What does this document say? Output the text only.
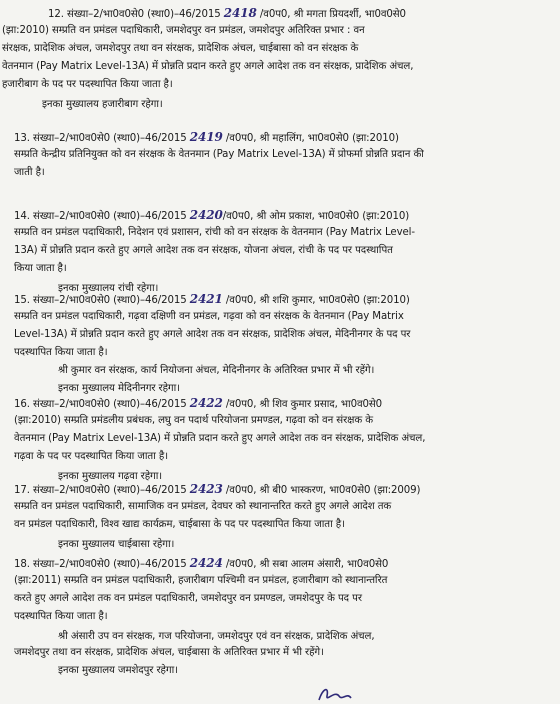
12. संख्या–2/भा0व0से0 (स्था0)–46/2015 2418 /व0प0, श्री मगता प्रियदर्शी, भा0व0से0
(झा:2010) सम्प्रति वन प्रमंडल पदाधिकारी, जमशेदपुर वन प्रमंडल, जमशेदपुर अतिरिक्त प्रभार : वन
संरक्षक, प्रादेशिक अंचल, जमशेदपुर तथा वन संरक्षक, प्रादेशिक अंचल, चाईबासा को वन संरक्षक के
वेतनमान (Pay Matrix Level-13A) में प्रोन्नति प्रदान करते हुए अगले आदेश तक वन संरक्षक, प्रादेशिक अंचल,
हजारीबाग के पद पर पदस्थापित किया जाता है।
इनका मुख्यालय हजारीबाग रहेगा।
13. संख्या–2/भा0व0से0 (स्था0)–46/2015 2419 /व0प0, श्री महालिंग, भा0व0से0 (झा:2010)
सम्प्रति केन्द्रीय प्रतिनियुक्त को वन संरक्षक के वेतनमान (Pay Matrix Level-13A) में प्रोफर्मा प्रोन्नति प्रदान की
जाती है।
14. संख्या–2/भा0व0से0 (स्था0)–46/2015 2420/व0प0, श्री ओम प्रकाश, भा0व0से0 (झा:2010)
सम्प्रति वन प्रमंडल पदाधिकारी, निदेशन एवं प्रशासन, रांची को वन संरक्षक के वेतनमान (Pay Matrix Level-
13A) में प्रोन्नति प्रदान करते हुए अगले आदेश तक वन संरक्षक, योजना अंचल, रांची के पद पर पदस्थापित
किया जाता है।
इनका मुख्यालय रांची रहेगा।
15. संख्या–2/भा0व0से0 (स्था0)–46/2015 2421 /व0प0, श्री शशि कुमार, भा0व0से0 (झा:2010)
सम्प्रति वन प्रमंडल पदाधिकारी, गढ़वा दक्षिणी वन प्रमंडल, गढ़वा को वन संरक्षक के वेतनमान (Pay Matrix
Level-13A) में प्रोन्नति प्रदान करते हुए अगले आदेश तक वन संरक्षक, प्रादेशिक अंचल, मेदिनीनगर के पद पर
पदस्थापित किया जाता है।
श्री कुमार वन संरक्षक, कार्य नियोजना अंचल, मेदिनीनगर के अतिरिक्त प्रभार में भी रहेंगे।
इनका मुख्यालय मेदिनीनगर रहेगा।
16. संख्या–2/भा0व0से0 (स्था0)–46/2015 2422 /व0प0, श्री शिव कुमार प्रसाद, भा0व0से0
(झा:2010) सम्प्रति प्रमंडलीय प्रबंधक, लघु वन पदार्थ परियोजना प्रमण्डल, गढ़वा को वन संरक्षक के
वेतनमान (Pay Matrix Level-13A) में प्रोन्नति प्रदान करते हुए अगले आदेश तक वन संरक्षक, प्रादेशिक अंचल,
गढ़वा के पद पर पदस्थापित किया जाता है।
इनका मुख्यालय गढ़वा रहेगा।
17. संख्या–2/भा0व0से0 (स्था0)–46/2015 2423 /व0प0, श्री बी0 भास्करण, भा0व0से0 (झा:2009)
सम्प्रति वन प्रमंडल पदाधिकारी, सामाजिक वन प्रमंडल, देवघर को स्थानान्तरित करते हुए अगले आदेश तक
वन प्रमंडल पदाधिकारी, विश्व खाद्य कार्यक्रम, चाईबासा के पद पर पदस्थापित किया जाता है।
इनका मुख्यालय चाईबासा रहेगा।
18. संख्या–2/भा0व0से0 (स्था0)–46/2015 2424 /व0प0, श्री सबा आलम अंसारी, भा0व0से0
(झा:2011) सम्प्रति वन प्रमंडल पदाधिकारी, हजारीबाग पश्चिमी वन प्रमंडल, हजारीबाग को स्थानान्तरित
करते हुए अगले आदेश तक वन प्रमंडल पदाधिकारी, जमशेदपुर वन प्रमण्डल, जमशेदपुर के पद पर
पदस्थापित किया जाता है।
श्री अंसारी उप वन संरक्षक, गज परियोजना, जमशेदपुर एवं वन संरक्षक, प्रादेशिक अंचल,
जमशेदपुर तथा वन संरक्षक, प्रादेशिक अंचल, चाईबासा के अतिरिक्त प्रभार में भी रहेंगे।
इनका मुख्यालय जमशेदपुर रहेगा।
